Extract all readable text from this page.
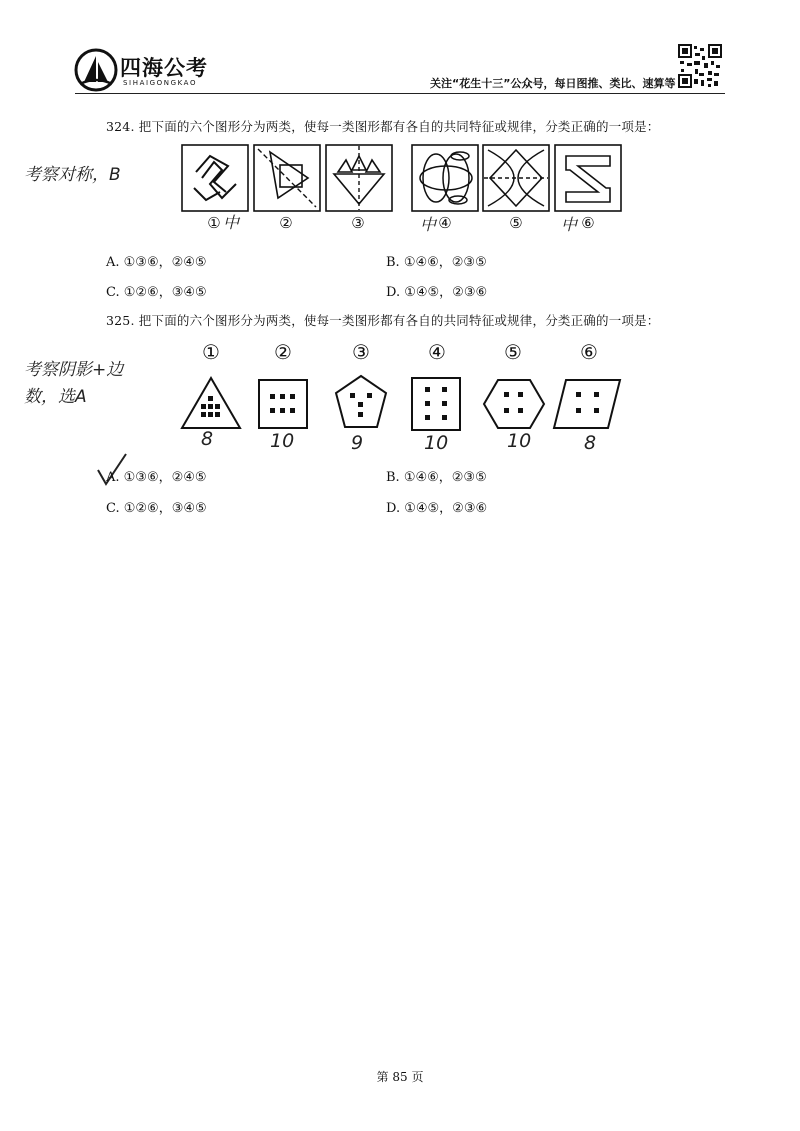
四海公考
SIHAIGONGKAO	关注“花生十三”公众号，每日图推、类比、速算等
324. 把下面的六个图形分为两类，使每一类图形都有各自的共同特征或规律，分类正确的一项是：
考察对称，B
①	②	③	④	⑤	⑥
中	中	中
A. ①③⑥，②④⑤	B. ①④⑥，②③⑤
C. ①②⑥，③④⑤	D. ①④⑤，②③⑥
325. 把下面的六个图形分为两类，使每一类图形都有各自的共同特征或规律，分类正确的一项是：
考察阴影+边
数，选A
①	②	③	④	⑤	⑥
8	10	9	10	10	8
A. ①③⑥，②④⑤	B. ①④⑥，②③⑤
C. ①②⑥，③④⑤	D. ①④⑤，②③⑥
第 85 页
